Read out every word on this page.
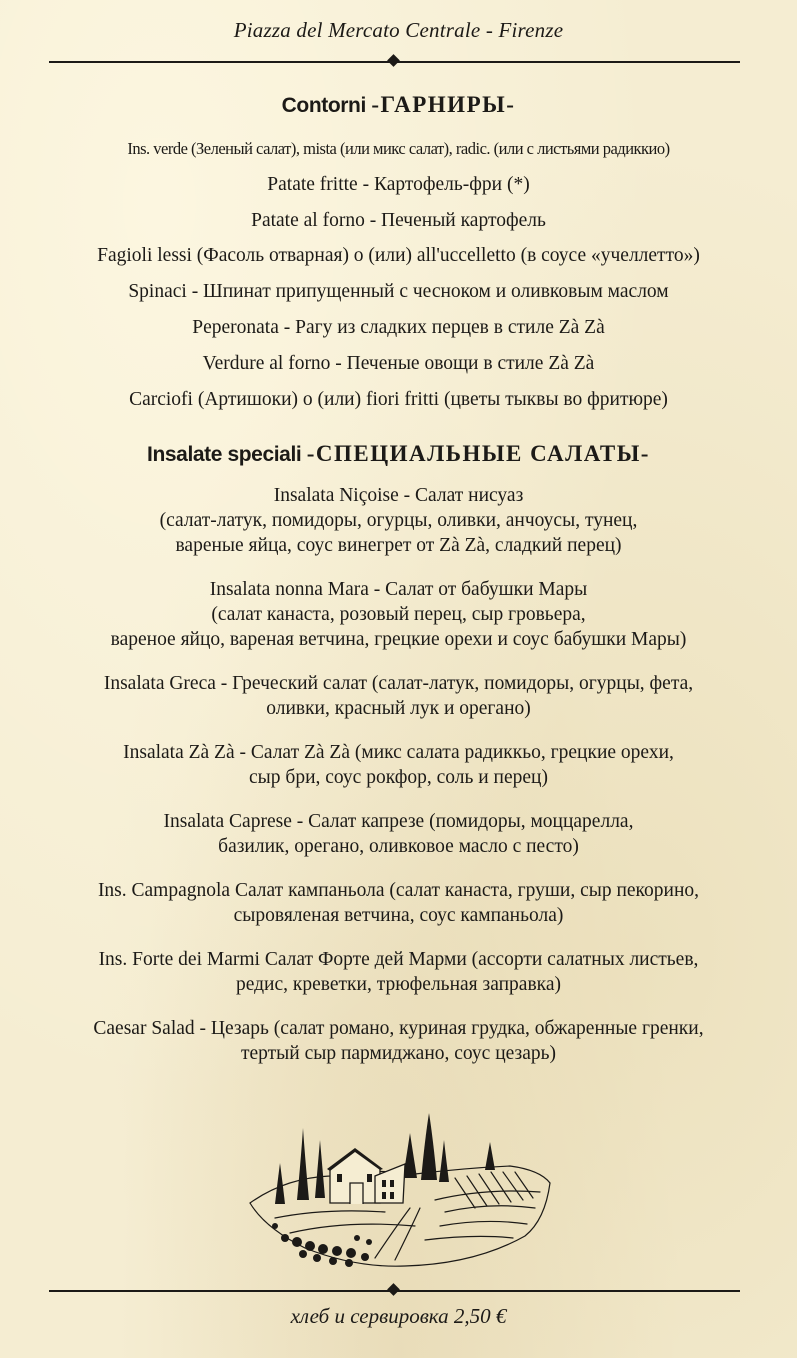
Piazza del Mercato Centrale - Firenze
Contorni -ГАРНИРЫ-
Ins. verde (Зеленый салат), mista (или микс салат), radic. (или с листьями радиккио)
Patate fritte - Картофель-фри (*)
Patate al forno - Печеный картофель
Fagioli lessi (Фасоль отварная) o (или) all'uccelletto (в соусе «учеллетто»)
Spinaci - Шпинат припущенный с чесноком и оливковым маслом
Peperonata - Рагу из сладких перцев в стиле Zà Zà
Verdure al forno - Печеные овощи в стиле Zà Zà
Carciofi (Артишоки) o (или) fiori fritti (цветы тыквы во фритюре)
Insalate speciali -СПЕЦИАЛЬНЫЕ САЛАТЫ-
Insalata Niçoise - Салат нисуаз
(салат-латук, помидоры, огурцы, оливки, анчоусы, тунец,
вареные яйца, соус винегрет от Zà Zà, сладкий перец)
Insalata nonna Mara - Салат от бабушки Мары
(салат канаста, розовый перец, сыр гровьера,
вареное яйцо, вареная ветчина, грецкие орехи и соус бабушки Мары)
Insalata Greca - Греческий салат (салат-латук, помидоры, огурцы, фета,
оливки, красный лук и орегано)
Insalata Zà Zà - Салат Zà Zà (микс салата радиккьо, грецкие орехи,
сыр бри, соус рокфор, соль и перец)
Insalata Caprese - Салат капрезе (помидоры, моццарелла,
базилик, орегано, оливковое масло с песто)
Ins. Campagnola Салат кампаньола (салат канаста, груши, сыр пекорино,
сыровяленая ветчина, соус кампаньола)
Ins. Forte dei Marmi Салат Форте дей Марми (ассорти салатных листьев,
редис, креветки, трюфельная заправка)
Caesar Salad - Цезарь (салат романо, куриная грудка, обжаренные гренки,
тертый сыр пармиджано, соус цезарь)
хлеб и сервировка 2,50 €
